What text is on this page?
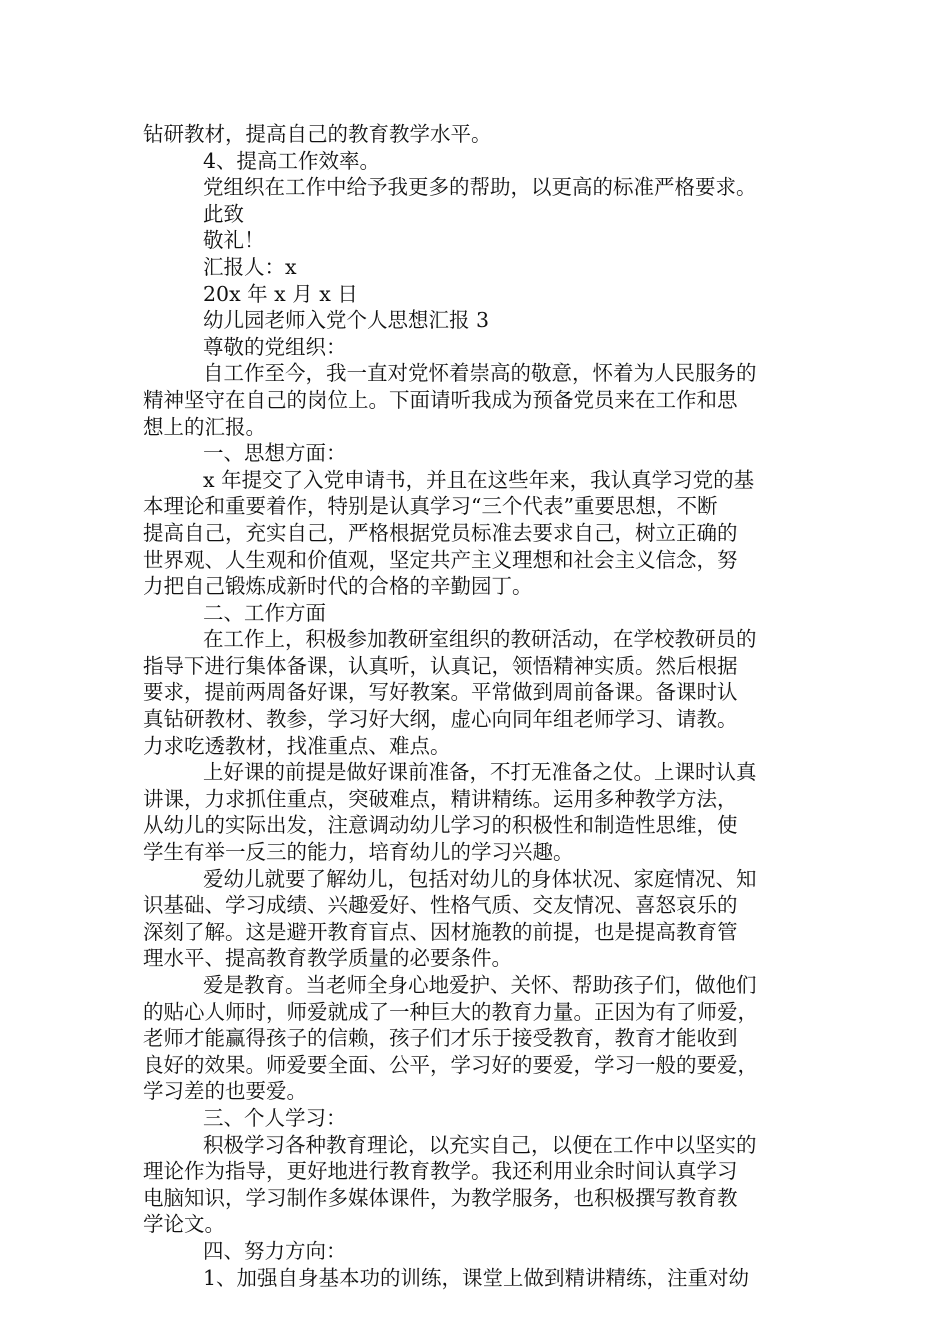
钻研教材，提高自己的教育教学水平。

4、提高工作效率。

党组织在工作中给予我更多的帮助，以更高的标准严格要求。

此致

敬礼！

汇报人：x

20x 年 x 月 x 日

幼儿园老师入党个人思想汇报 3

尊敬的党组织：

自工作至今，我一直对党怀着崇高的敬意，怀着为人民服务的

精神坚守在自己的岗位上。下面请听我成为预备党员来在工作和思

想上的汇报。

一、思想方面：

x 年提交了入党申请书，并且在这些年来，我认真学习党的基

本理论和重要着作，特别是认真学习“三个代表”重要思想，不断

提高自己，充实自己，严格根据党员标准去要求自己，树立正确的

世界观、人生观和价值观，坚定共产主义理想和社会主义信念，努

力把自己锻炼成新时代的合格的辛勤园丁。

二、工作方面

在工作上，积极参加教研室组织的教研活动，在学校教研员的

指导下进行集体备课，认真听，认真记，领悟精神实质。然后根据

要求，提前两周备好课，写好教案。平常做到周前备课。备课时认

真钻研教材、教参，学习好大纲，虚心向同年组老师学习、请教。

力求吃透教材，找准重点、难点。

上好课的前提是做好课前准备，不打无准备之仗。上课时认真

讲课，力求抓住重点，突破难点，精讲精练。运用多种教学方法，

从幼儿的实际出发，注意调动幼儿学习的积极性和制造性思维，使

学生有举一反三的能力，培育幼儿的学习兴趣。

爱幼儿就要了解幼儿，包括对幼儿的身体状况、家庭情况、知

识基础、学习成绩、兴趣爱好、性格气质、交友情况、喜怒哀乐的

深刻了解。这是避开教育盲点、因材施教的前提，也是提高教育管

理水平、提高教育教学质量的必要条件。

爱是教育。当老师全身心地爱护、关怀、帮助孩子们，做他们

的贴心人师时，师爱就成了一种巨大的教育力量。正因为有了师爱，

老师才能赢得孩子的信赖，孩子们才乐于接受教育，教育才能收到

良好的效果。师爱要全面、公平，学习好的要爱，学习一般的要爱，

学习差的也要爱。

三、个人学习：

积极学习各种教育理论，以充实自己，以便在工作中以坚实的

理论作为指导，更好地进行教育教学。我还利用业余时间认真学习

电脑知识，学习制作多媒体课件，为教学服务，也积极撰写教育教

学论文。

四、努力方向：

1、加强自身基本功的训练，课堂上做到精讲精练，注重对幼
